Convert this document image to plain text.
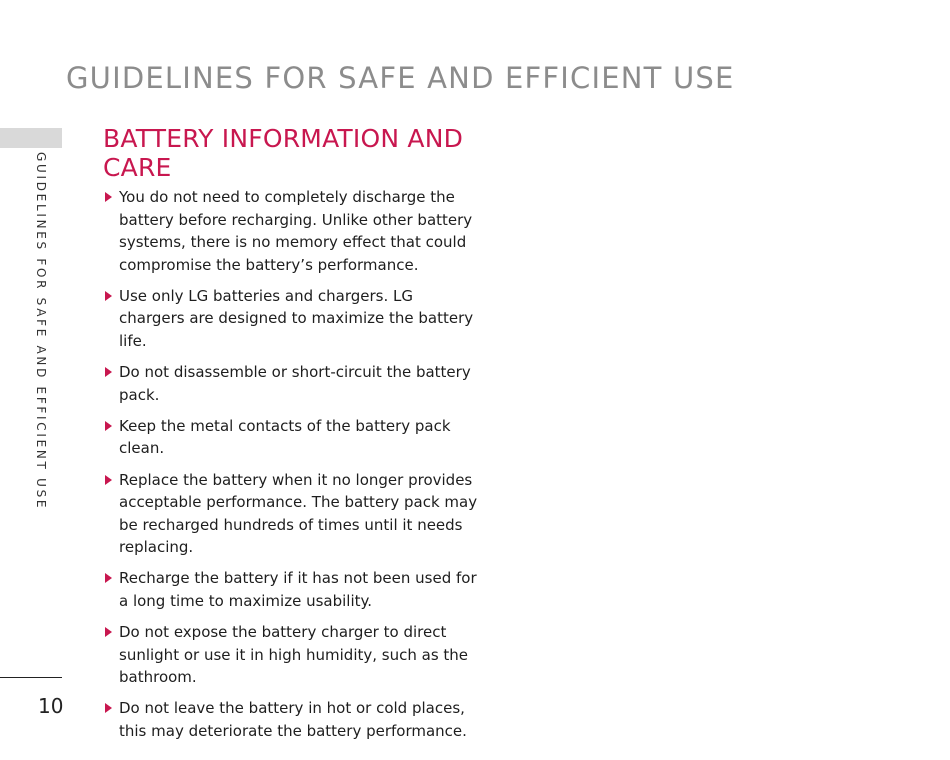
GUIDELINES FOR SAFE AND EFFICIENT USE
GUIDELINES FOR SAFE AND EFFICIENT USE
10
BATTERY INFORMATION AND
CARE
You do not need to completely discharge the battery before recharging. Unlike other battery systems, there is no memory effect that could compromise the battery’s performance.
Use only LG batteries and chargers. LG chargers are designed to maximize the battery life.
Do not disassemble or short-circuit the battery pack.
Keep the metal contacts of the battery pack clean.
Replace the battery when it no longer provides acceptable performance. The battery pack may be recharged hundreds of times until it needs replacing.
Recharge the battery if it has not been used for a long time to maximize usability.
Do not expose the battery charger to direct sunlight or use it in high humidity, such as the bathroom.
Do not leave the battery in hot or cold places, this may deteriorate the battery performance.
